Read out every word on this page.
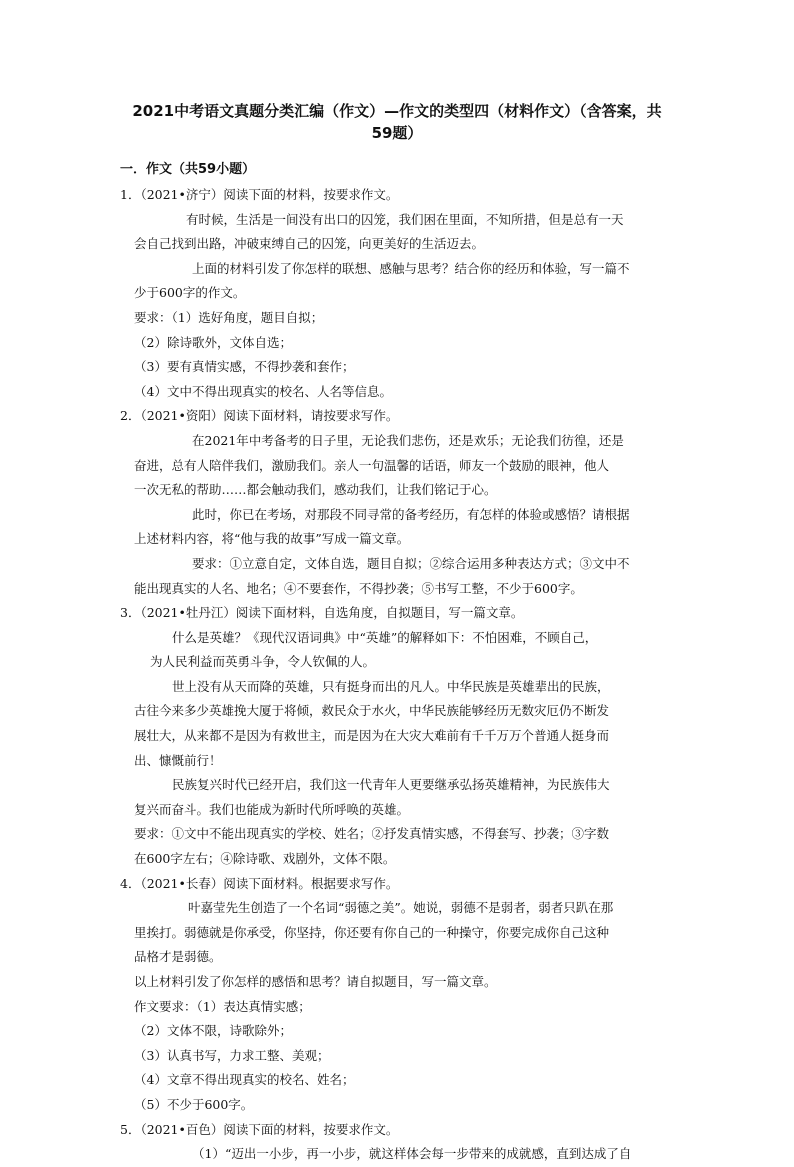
2021中考语文真题分类汇编（作文）—作文的类型四（材料作文）（含答案，共
59题）
一．作文（共59小题）
1．（2021•济宁）阅读下面的材料，按要求作文。
有时候，生活是一间没有出口的囚笼，我们困在里面，不知所措，但是总有一天
会自己找到出路，冲破束缚自己的囚笼，向更美好的生活迈去。
上面的材料引发了你怎样的联想、感触与思考？结合你的经历和体验，写一篇不
少于600字的作文。
要求：（1）选好角度，题目自拟；
（2）除诗歌外，文体自选；
（3）要有真情实感，不得抄袭和套作；
（4）文中不得出现真实的校名、人名等信息。
2．（2021•资阳）阅读下面材料，请按要求写作。
在2021年中考备考的日子里，无论我们悲伤，还是欢乐；无论我们彷徨，还是
奋进，总有人陪伴我们，激励我们。亲人一句温馨的话语，师友一个鼓励的眼神，他人
一次无私的帮助……都会触动我们，感动我们，让我们铭记于心。
此时，你已在考场，对那段不同寻常的备考经历，有怎样的体验或感悟？请根据
上述材料内容，将“他与我的故事”写成一篇文章。
要求：①立意自定，文体自选，题目自拟；②综合运用多种表达方式；③文中不
能出现真实的人名、地名；④不要套作，不得抄袭；⑤书写工整，不少于600字。
3．（2021•牡丹江）阅读下面材料，自选角度，自拟题目，写一篇文章。
什么是英雄？《现代汉语词典》中“英雄”的解释如下：不怕困难，不顾自己，
为人民利益而英勇斗争，令人钦佩的人。
世上没有从天而降的英雄，只有挺身而出的凡人。中华民族是英雄辈出的民族，
古往今来多少英雄挽大厦于将倾，救民众于水火，中华民族能够经历无数灾厄仍不断发
展壮大，从来都不是因为有救世主，而是因为在大灾大难前有千千万万个普通人挺身而
出、慷慨前行！
民族复兴时代已经开启，我们这一代青年人更要继承弘扬英雄精神，为民族伟大
复兴而奋斗。我们也能成为新时代所呼唤的英雄。
要求：①文中不能出现真实的学校、姓名；②抒发真情实感，不得套写、抄袭；③字数
在600字左右；④除诗歌、戏剧外，文体不限。
4．（2021•长春）阅读下面材料。根据要求写作。
叶嘉莹先生创造了一个名词“弱德之美”。她说，弱德不是弱者，弱者只趴在那
里挨打。弱德就是你承受，你坚持，你还要有你自己的一种操守，你要完成你自己这种
品格才是弱德。
以上材料引发了你怎样的感悟和思考？请自拟题目，写一篇文章。
作文要求：（1）表达真情实感；
（2）文体不限，诗歌除外；
（3）认真书写，力求工整、美观；
（4）文章不得出现真实的校名、姓名；
（5）不少于600字。
5．（2021•百色）阅读下面的材料，按要求作文。
（1）“迈出一小步，再一小步，就这样体会每一步带来的成就感，直到达成了自
